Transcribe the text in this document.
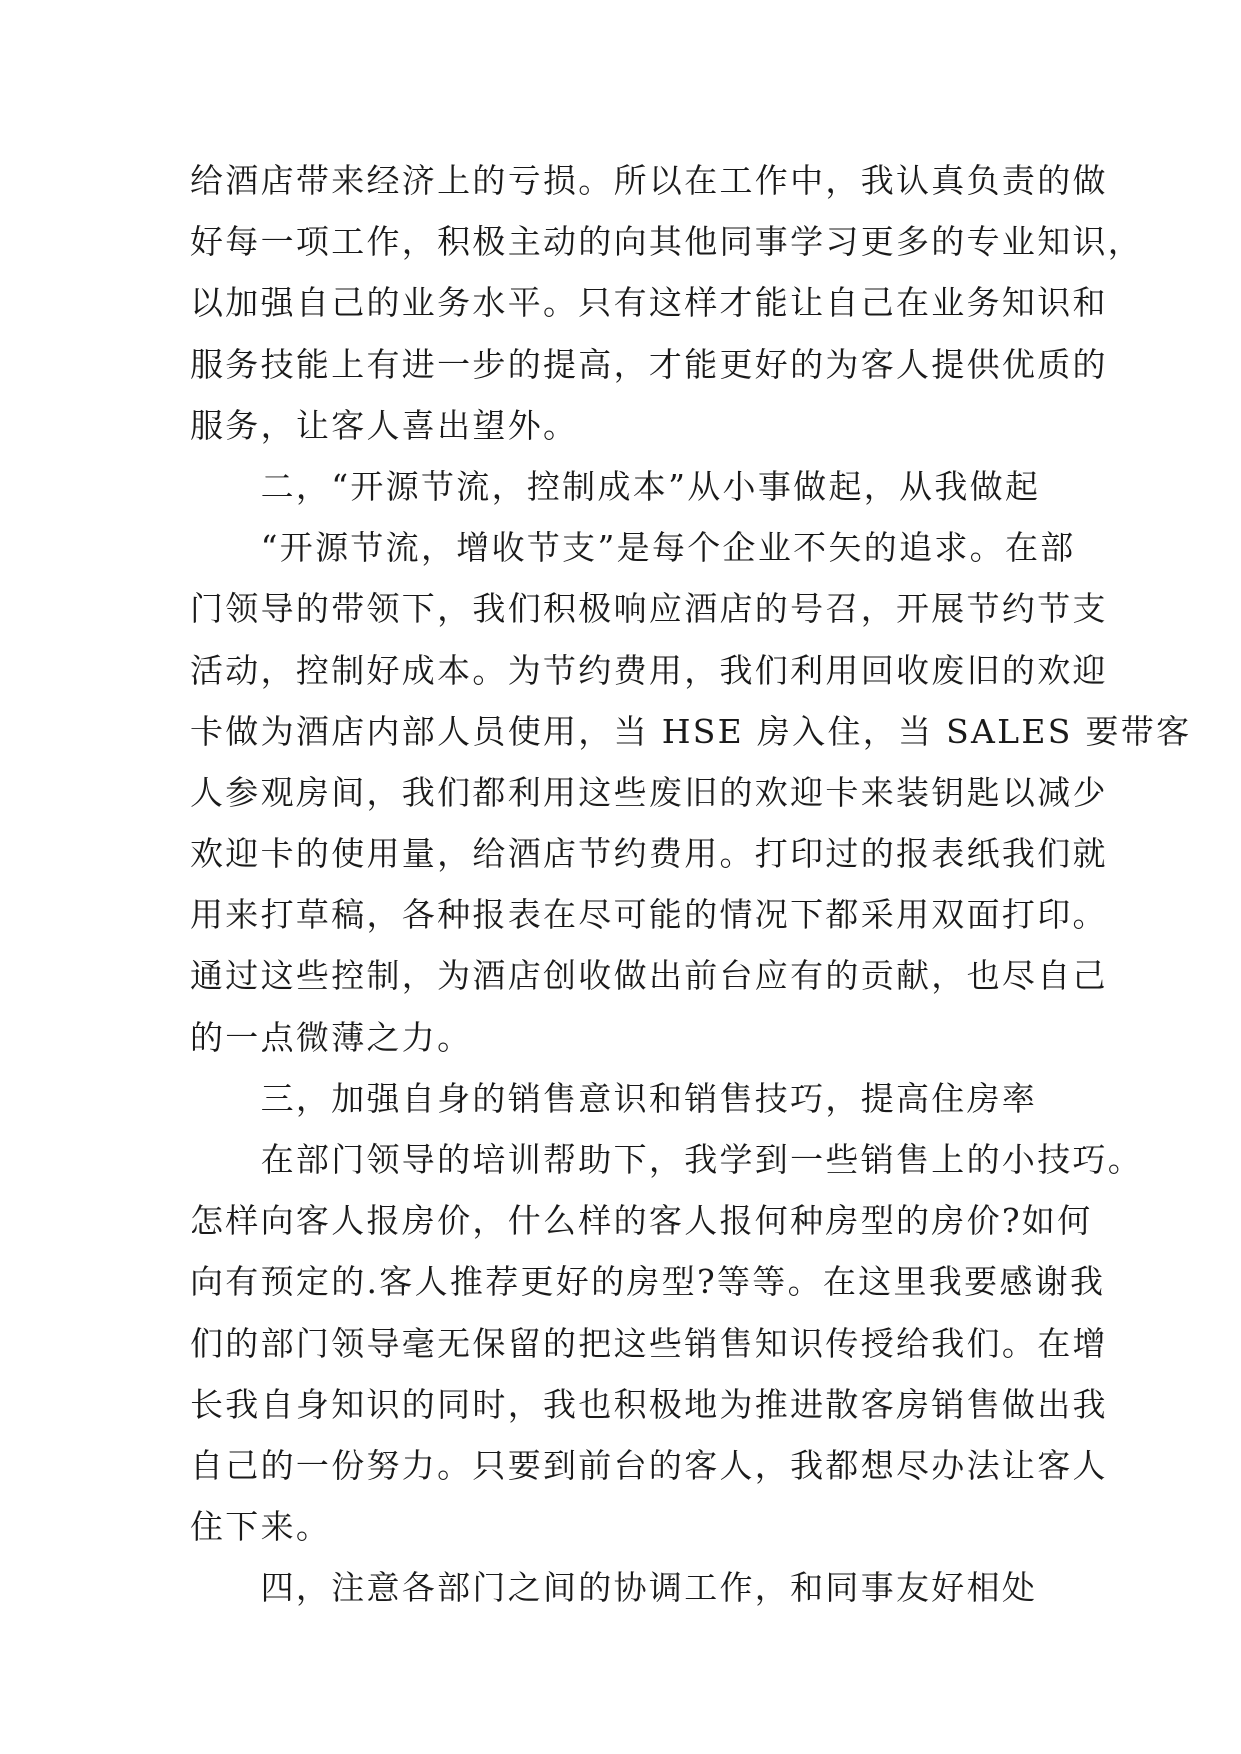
给酒店带来经济上的亏损。所以在工作中，我认真负责的做
好每一项工作，积极主动的向其他同事学习更多的专业知识，
以加强自己的业务水平。只有这样才能让自己在业务知识和
服务技能上有进一步的提高，才能更好的为客人提供优质的
服务，让客人喜出望外。
　　二，“开源节流，控制成本”从小事做起，从我做起
　　“开源节流，增收节支”是每个企业不矢的追求。在部
门领导的带领下，我们积极响应酒店的号召，开展节约节支
活动，控制好成本。为节约费用，我们利用回收废旧的欢迎
卡做为酒店内部人员使用，当 HSE 房入住，当 SALES 要带客
人参观房间，我们都利用这些废旧的欢迎卡来装钥匙以减少
欢迎卡的使用量，给酒店节约费用。打印过的报表纸我们就
用来打草稿，各种报表在尽可能的情况下都采用双面打印。
通过这些控制，为酒店创收做出前台应有的贡献，也尽自己
的一点微薄之力。
　　三，加强自身的销售意识和销售技巧，提高住房率
　　在部门领导的培训帮助下，我学到一些销售上的小技巧。
怎样向客人报房价，什么样的客人报何种房型的房价?如何
向有预定的.客人推荐更好的房型?等等。在这里我要感谢我
们的部门领导毫无保留的把这些销售知识传授给我们。在增
长我自身知识的同时，我也积极地为推进散客房销售做出我
自己的一份努力。只要到前台的客人，我都想尽办法让客人
住下来。
　　四，注意各部门之间的协调工作，和同事友好相处
